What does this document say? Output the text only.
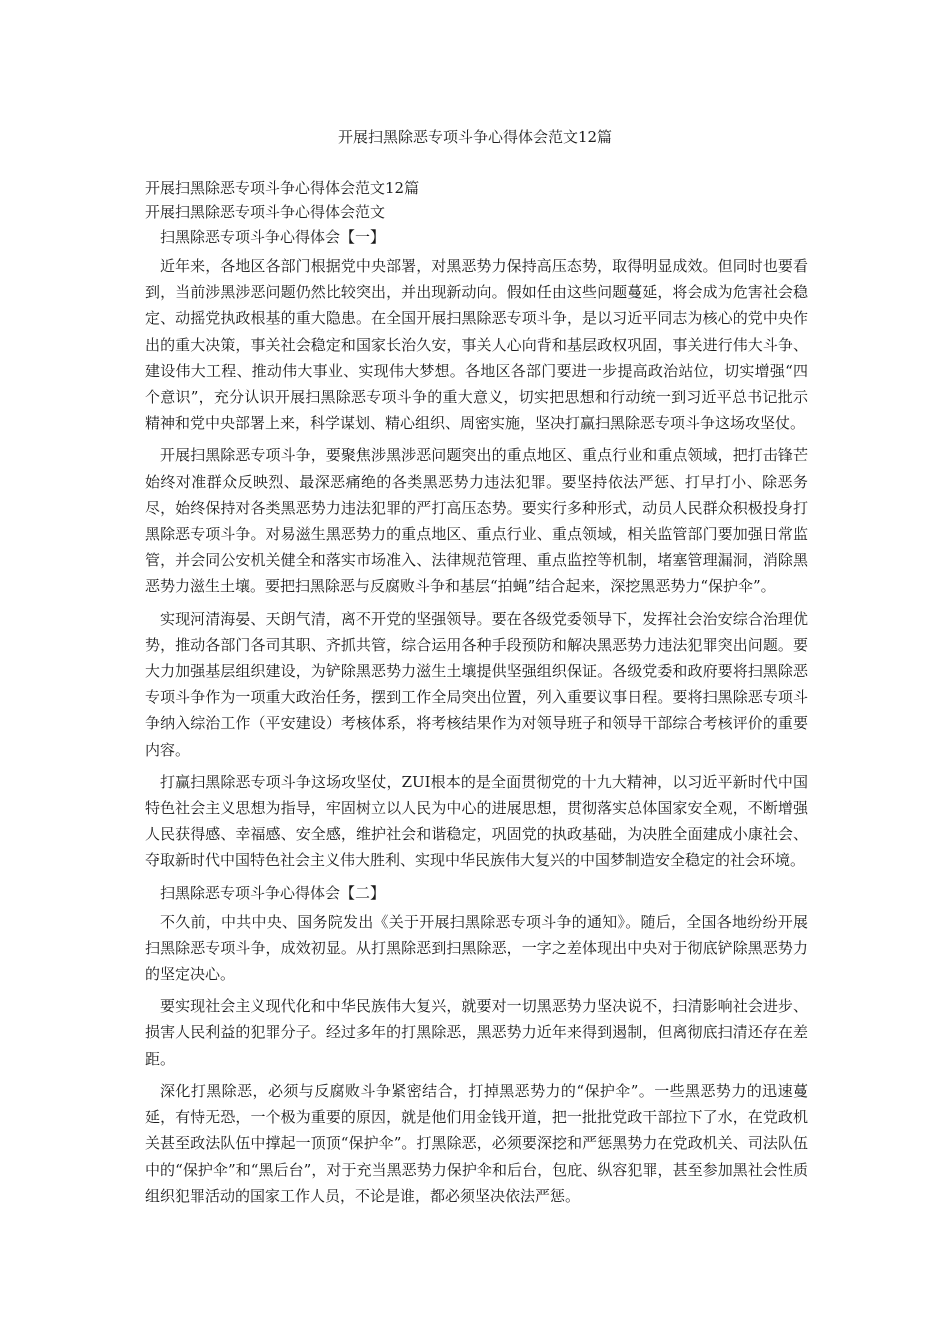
开展扫黑除恶专项斗争心得体会范文12篇

开展扫黑除恶专项斗争心得体会范文12篇

开展扫黑除恶专项斗争心得体会范文

扫黑除恶专项斗争心得体会【一】

近年来，各地区各部门根据党中央部署，对黑恶势力保持高压态势，取得明显成效。但同时也要看到，当前涉黑涉恶问题仍然比较突出，并出现新动向。假如任由这些问题蔓延，将会成为危害社会稳定、动摇党执政根基的重大隐患。在全国开展扫黑除恶专项斗争，是以习近平同志为核心的党中央作出的重大决策，事关社会稳定和国家长治久安，事关人心向背和基层政权巩固，事关进行伟大斗争、建设伟大工程、推动伟大事业、实现伟大梦想。各地区各部门要进一步提高政治站位，切实增强“四个意识”，充分认识开展扫黑除恶专项斗争的重大意义，切实把思想和行动统一到习近平总书记批示精神和党中央部署上来，科学谋划、精心组织、周密实施，坚决打赢扫黑除恶专项斗争这场攻坚仗。

开展扫黑除恶专项斗争，要聚焦涉黑涉恶问题突出的重点地区、重点行业和重点领域，把打击锋芒始终对准群众反映烈、最深恶痛绝的各类黑恶势力违法犯罪。要坚持依法严惩、打早打小、除恶务尽，始终保持对各类黑恶势力违法犯罪的严打高压态势。要实行多种形式，动员人民群众积极投身打黑除恶专项斗争。对易滋生黑恶势力的重点地区、重点行业、重点领域，相关监管部门要加强日常监管，并会同公安机关健全和落实市场准入、法律规范管理、重点监控等机制，堵塞管理漏洞，消除黑恶势力滋生土壤。要把扫黑除恶与反腐败斗争和基层“拍蝇”结合起来，深挖黑恶势力“保护伞”。

实现河清海晏、天朗气清，离不开党的坚强领导。要在各级党委领导下，发挥社会治安综合治理优势，推动各部门各司其职、齐抓共管，综合运用各种手段预防和解决黑恶势力违法犯罪突出问题。要大力加强基层组织建设，为铲除黑恶势力滋生土壤提供坚强组织保证。各级党委和政府要将扫黑除恶专项斗争作为一项重大政治任务，摆到工作全局突出位置，列入重要议事日程。要将扫黑除恶专项斗争纳入综治工作（平安建设）考核体系，将考核结果作为对领导班子和领导干部综合考核评价的重要内容。

打赢扫黑除恶专项斗争这场攻坚仗，ZUI根本的是全面贯彻党的十九大精神，以习近平新时代中国特色社会主义思想为指导，牢固树立以人民为中心的进展思想，贯彻落实总体国家安全观，不断增强人民获得感、幸福感、安全感，维护社会和谐稳定，巩固党的执政基础，为决胜全面建成小康社会、夺取新时代中国特色社会主义伟大胜利、实现中华民族伟大复兴的中国梦制造安全稳定的社会环境。

扫黑除恶专项斗争心得体会【二】

不久前，中共中央、国务院发出《关于开展扫黑除恶专项斗争的通知》。随后，全国各地纷纷开展扫黑除恶专项斗争，成效初显。从打黑除恶到扫黑除恶，一字之差体现出中央对于彻底铲除黑恶势力的坚定决心。

要实现社会主义现代化和中华民族伟大复兴，就要对一切黑恶势力坚决说不，扫清影响社会进步、损害人民利益的犯罪分子。经过多年的打黑除恶，黑恶势力近年来得到遏制，但离彻底扫清还存在差距。

深化打黑除恶，必须与反腐败斗争紧密结合，打掉黑恶势力的“保护伞”。一些黑恶势力的迅速蔓延，有恃无恐，一个极为重要的原因，就是他们用金钱开道，把一批批党政干部拉下了水，在党政机关甚至政法队伍中撑起一顶顶“保护伞”。打黑除恶，必须要深挖和严惩黑势力在党政机关、司法队伍中的“保护伞”和“黑后台”，对于充当黑恶势力保护伞和后台，包庇、纵容犯罪，甚至参加黑社会性质组织犯罪活动的国家工作人员，不论是谁，都必须坚决依法严惩。
